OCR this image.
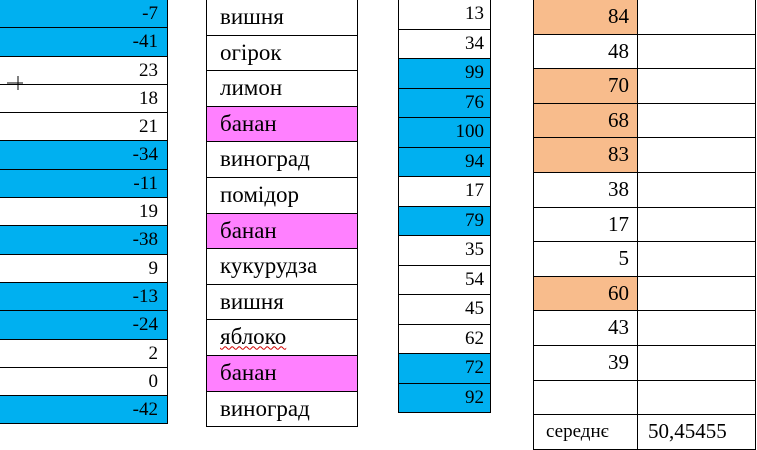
-7
-41
23
18
21
-34
-11
19
-38
9
-13
-24
2
0
-42
вишня
огірок
лимон
банан
виноград
помідор
банан
кукурудза
вишня
яблоко
банан
виноград
13
34
99
76
100
94
17
79
35
54
45
62
72
92
84
48
70
68
83
38
17
5
60
43
39
середнє	50,45455
